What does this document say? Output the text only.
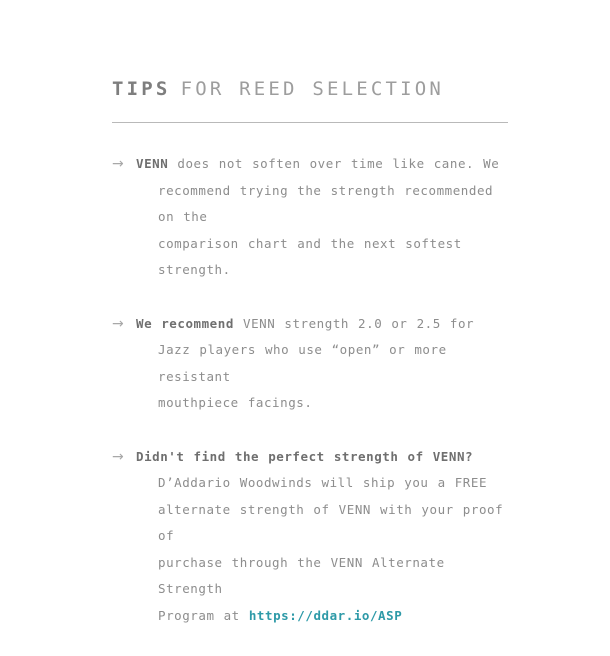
TIPS FOR REED SELECTION
→ VENN does not soften over time like cane. We
recommend trying the strength recommended on the
comparison chart and the next softest strength.
→ We recommend VENN strength 2.0 or 2.5 for
Jazz players who use “open” or more resistant
mouthpiece facings.
→ Didn't find the perfect strength of VENN?
D’Addario Woodwinds will ship you a FREE
alternate strength of VENN with your proof of
purchase through the VENN Alternate Strength
Program at https://ddar.io/ASP
